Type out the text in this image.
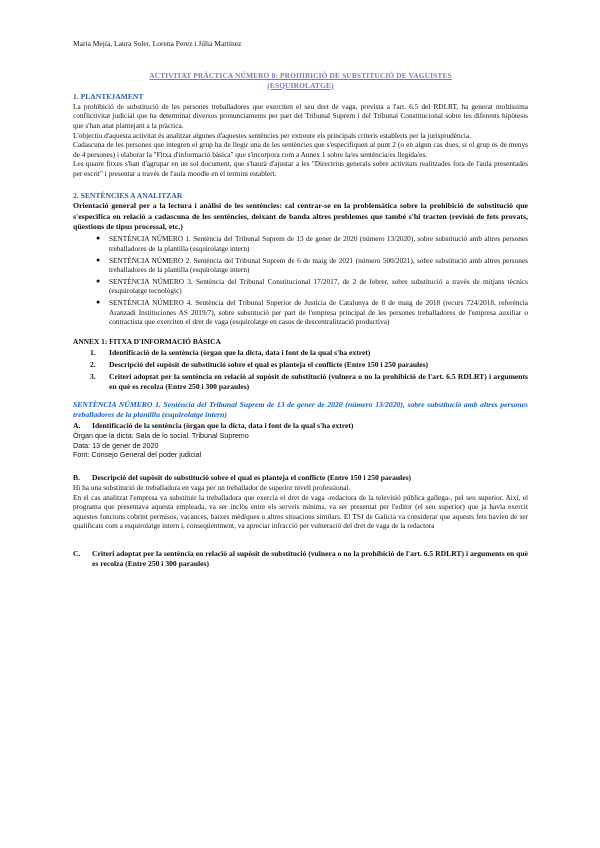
Maria Mejía, Laura Soler, Lorena Perez i Júlia Martínez
ACTIVITAT PRÀCTICA NÚMERO 8: PROHIBICIÓ DE SUBSTITUCIÓ DE VAGUISTES
(ESQUIROLATGE)
1. PLANTEJAMENT

La prohibició de substitució de les persones treballadores que exerciten el seu dret de vaga, prevista a l'art. 6.5 del RDLRT, ha generat moltíssima conflictivitat judicial que ha determinat diversos pronunciaments per part del Tribunal Suprem i del Tribunal Constitucional sobre les diferents hipòtesis que s'han anat plantejant a la pràctica.

L'objectiu d'aquesta activitat és analitzar algunes d'aquestes sentències per extreure els principals criteris establerts per la jurisprudència.

Cadascuna de les persones que integren el grup ha de llegir una de les sentències que s'especifiquen al punt 2 (o en algun cas dues, si el grup és de menys de 4 persones) i elaborar la "Fitxa d'informació bàsica" que s'incorpora com a Annex 1 sobre la/es sentència/es llegida/es.

Les quatre fitxes s'han d'agrupar en un sol document, que s'haurà d'ajustar a les "Directrius generals sobre activitats realitzades fora de l'aula presentades per escrit" i presentar a través de l'aula moodle en el termini establert.

2. SENTÈNCIES A ANALITZAR
Orientació general per a la lectura i anàlisi de les sentències: cal centrar-se en la problemàtica sobre la prohibició de substitució que s'especifica en relació a cadascuna de les sentències, deixant de banda altres problemes que també s'hi tracten (revisió de fets provats, qüestions de tipus processal, etc.)
● SENTÈNCIA NÚMERO 1. Sentència del Tribunal Suprem de 13 de gener de 2020 (número 13/2020), sobre substitució amb altres persones treballadores de la plantilla (esquirolatge intern)
● SENTÈNCIA NÚMERO 2. Sentència del Tribunal Suprem de 6 de maig de 2021 (número 500/2021), sobre substitució amb altres persones treballadores de la plantilla (esquirolatge intern)
● SENTÈNCIA NÚMERO 3. Sentència del Tribunal Constitucional 17/2017, de 2 de febrer, sobre substitució a través de mitjans tècnics (esquirolatge tecnològic)
● SENTÈNCIA NÚMERO 4. Sentència del Tribunal Superior de Justícia de Catalunya de 8 de maig de 2018 (recurs 724/2018, referència Aranzadi Instituciones AS 2019/7), sobre substitució per part de l'empresa principal de les persones treballadores de l'empresa auxiliar o contractista que exerciten el dret de vaga (esquirolatge en casos de descentralització productiva)
ANNEX 1: FITXA D'INFORMACIÓ BÀSICA
1. Identificació de la sentència (òrgan que la dicta, data i font de la qual s'ha extret)
2. Descripció del supòsit de substitució sobre el qual es planteja el conflicte (Entre 150 i 250 paraules)
3. Criteri adoptat per la sentència en relació al supòsit de substitució (vulnera o no la prohibició de l'art. 6.5 RDLRT) i arguments en què es recolza (Entre 250 i 300 paraules)
SENTÈNCIA NÚMERO 1. Sentència del Tribunal Suprem de 13 de gener de 2020 (número 13/2020), sobre substitució amb altres persones treballadores de la plantilla (esquirolatge intern)
A. Identificació de la sentència (òrgan que la dicta, data i font de la qual s'ha extret)
Òrgan que la dicta: Sala de lo social. Tribunal Supremo
Data: 13 de gener de 2020
Font: Consejo General del poder judicial
B. Descripció del supòsit de substitució sobre el qual es planteja el conflicte (Entre 150 i 250 paraules)

Hi ha una substitució de treballadora en vaga per un treballador de superior nivell professional.

En el cas analitzat l'empresa va substituir la treballadora que exercia el dret de vaga -redactora de la televisió pública gallega-, pel seu superior. Així, el programa que presentava aquesta empleada, va ser inclòs entre els serveis mínims, va ser presentat per l'editor (el seu superior) que ja havia exercit aquestes funcions cobrint permisos, vacances, baixes mèdiques o altres situacions similars. El TSJ de Galícia va considerar que aquests fets havien de ser qualificats com a esquirolatge intern i, conseqüentment, va apreciar infracció per vulneració del dret de vaga de la redactora

C. Criteri adoptat per la sentència en relació al supòsit de substitució (vulnera o no la prohibició de l'art. 6.5 RDLRT) i arguments en què es recolza (Entre 250 i 300 paraules)
